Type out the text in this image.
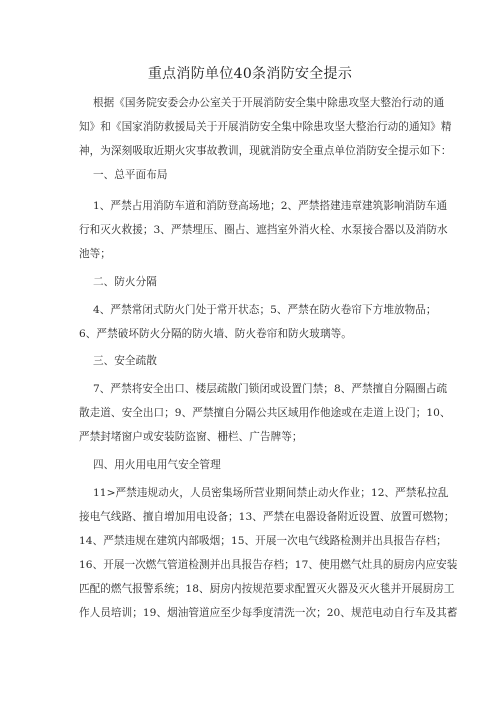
重点消防单位40条消防安全提示
根据《国务院安委会办公室关于开展消防安全集中除患攻坚大整治行动的通
知》和《国家消防救援局关于开展消防安全集中除患攻坚大整治行动的通知》精
神，为深刻吸取近期火灾事故教训，现就消防安全重点单位消防安全提示如下：
一、总平面布局
1、严禁占用消防车道和消防登高场地；2、严禁搭建违章建筑影响消防车通
行和灭火救援；3、严禁埋压、圈占、遮挡室外消火栓、水泵接合器以及消防水
池等；
二、防火分隔
4、严禁常闭式防火门处于常开状态；5、严禁在防火卷帘下方堆放物品；
6、严禁破坏防火分隔的防火墙、防火卷帘和防火玻璃等。
三、安全疏散
7、严禁将安全出口、楼层疏散门锁闭或设置门禁；8、严禁擅自分隔圈占疏
散走道、安全出口；9、严禁擅自分隔公共区域用作他途或在走道上设门；10、
严禁封堵窗户或安装防盗窗、栅栏、广告牌等；
四、用火用电用气安全管理
11>严禁违规动火，人员密集场所营业期间禁止动火作业；12、严禁私拉乱
接电气线路、擅自增加用电设备；13、严禁在电器设备附近设置、放置可燃物；
14、严禁违规在建筑内部吸烟；15、开展一次电气线路检测并出具报告存档；
16、开展一次燃气管道检测并出具报告存档；17、使用燃气灶具的厨房内应安装
匹配的燃气报警系统；18、厨房内按规范要求配置灭火器及灭火毯并开展厨房工
作人员培训；19、烟油管道应至少每季度清洗一次；20、规范电动自行车及其蓄
